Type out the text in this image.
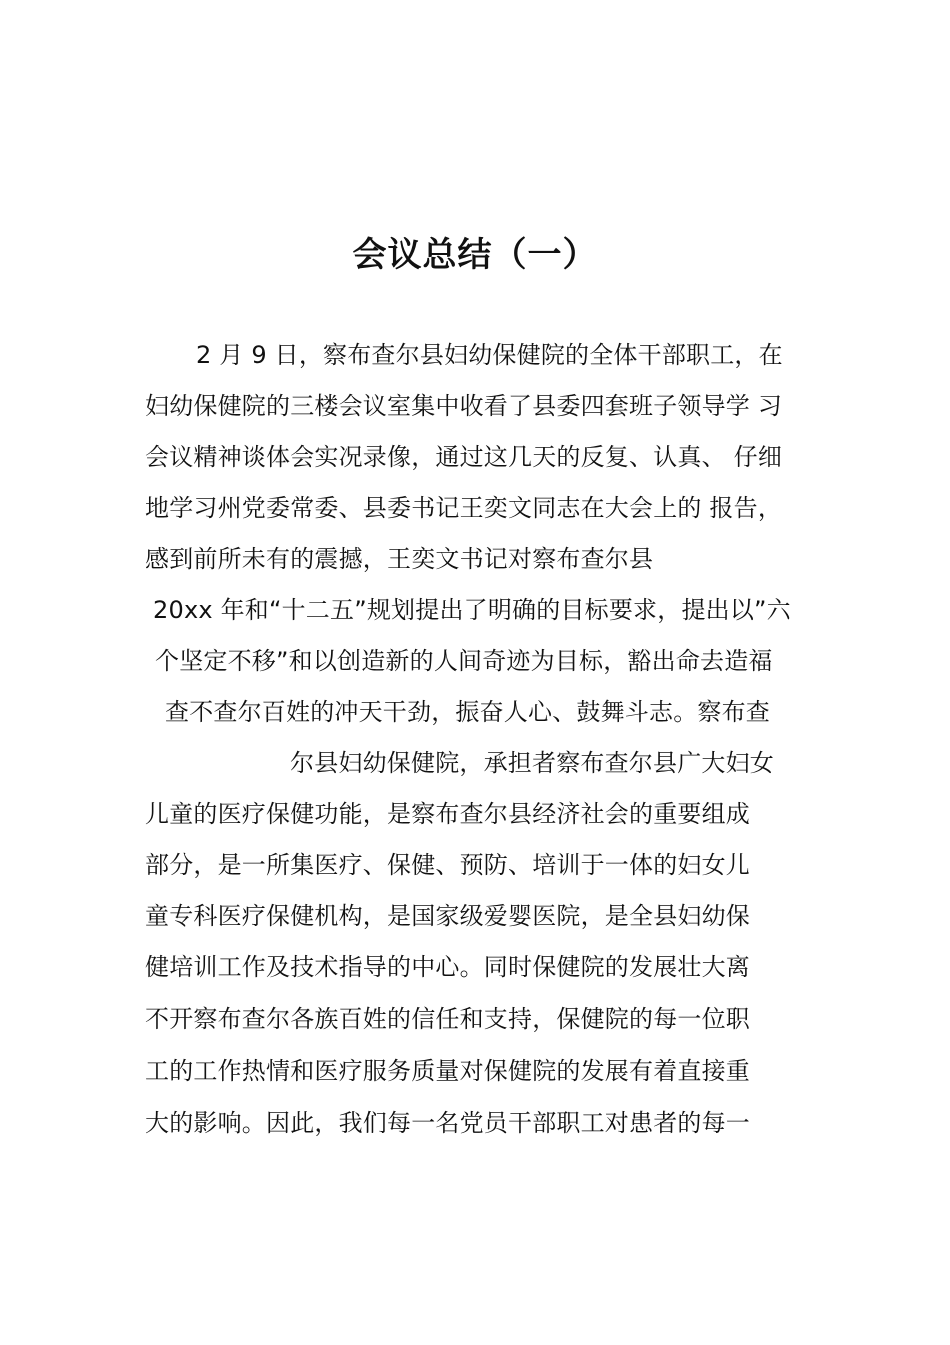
会议总结（一）
2 月 9 日，察布查尔县妇幼保健院的全体干部职工，在
妇幼保健院的三楼会议室集中收看了县委四套班子领导学 习
会议精神谈体会实况录像，通过这几天的反复、认真、 仔细
地学习州党委常委、县委书记王奕文同志在大会上的 报告，
感到前所未有的震撼，王奕文书记对察布查尔县
20xx 年和“十二五”规划提出了明确的目标要求，提出以”六
个坚定不移”和以创造新的人间奇迹为目标，豁出命去造福
查不查尔百姓的冲天干劲，振奋人心、鼓舞斗志。察布查
尔县妇幼保健院，承担者察布查尔县广大妇女
儿童的医疗保健功能，是察布查尔县经济社会的重要组成
部分，是一所集医疗、保健、预防、培训于一体的妇女儿
童专科医疗保健机构，是国家级爱婴医院，是全县妇幼保
健培训工作及技术指导的中心。同时保健院的发展壮大离
不开察布查尔各族百姓的信任和支持，保健院的每一位职
工的工作热情和医疗服务质量对保健院的发展有着直接重
大的影响。因此，我们每一名党员干部职工对患者的每一
